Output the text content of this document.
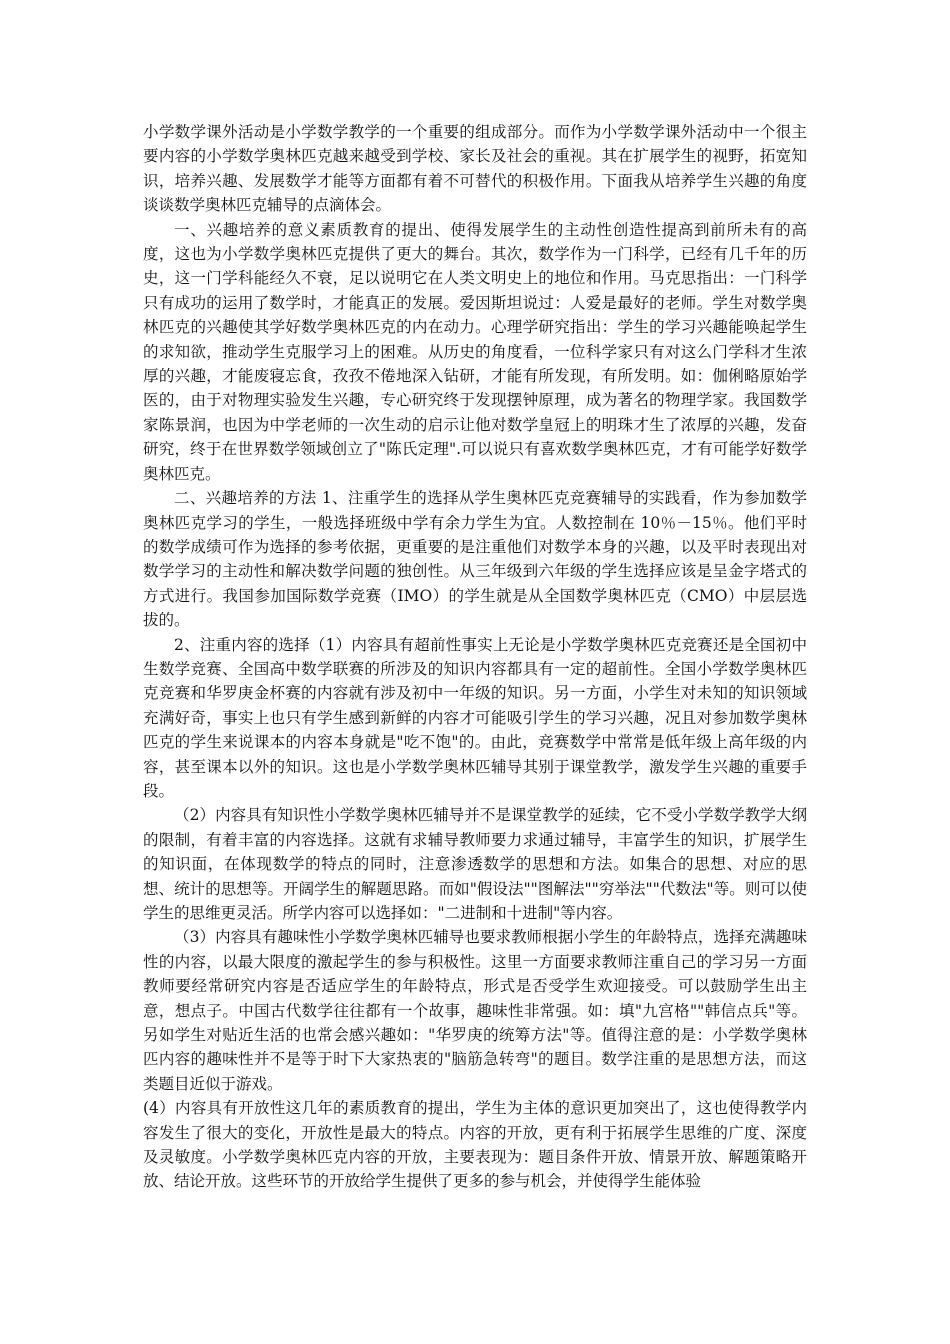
小学数学课外活动是小学数学教学的一个重要的组成部分。而作为小学数学课外活动中一个很主要内容的小学数学奥林匹克越来越受到学校、家长及社会的重视。其在扩展学生的视野，拓宽知识，培养兴趣、发展数学才能等方面都有着不可替代的积极作用。下面我从培养学生兴趣的角度谈谈数学奥林匹克辅导的点滴体会。

一、兴趣培养的意义素质教育的提出、使得发展学生的主动性创造性提高到前所未有的高度，这也为小学数学奥林匹克提供了更大的舞台。其次，数学作为一门科学，已经有几千年的历史，这一门学科能经久不衰，足以说明它在人类文明史上的地位和作用。马克思指出：一门科学只有成功的运用了数学时，才能真正的发展。爱因斯坦说过：人爱是最好的老师。学生对数学奥林匹克的兴趣使其学好数学奥林匹克的内在动力。心理学研究指出：学生的学习兴趣能唤起学生的求知欲，推动学生克服学习上的困难。从历史的角度看，一位科学家只有对这么门学科才生浓厚的兴趣，才能废寝忘食，孜孜不倦地深入钻研，才能有所发现，有所发明。如：伽俐略原始学医的，由于对物理实验发生兴趣，专心研究终于发现摆钟原理，成为著名的物理学家。我国数学家陈景润，也因为中学老师的一次生动的启示让他对数学皇冠上的明珠才生了浓厚的兴趣，发奋研究，终于在世界数学领域创立了"陈氏定理".可以说只有喜欢数学奥林匹克，才有可能学好数学奥林匹克。

二、兴趣培养的方法 1、注重学生的选择从学生奥林匹克竞赛辅导的实践看，作为参加数学奥林匹克学习的学生，一般选择班级中学有余力学生为宜。人数控制在 10％－15％。他们平时的数学成绩可作为选择的参考依据，更重要的是注重他们对数学本身的兴趣，以及平时表现出对数学学习的主动性和解决数学问题的独创性。从三年级到六年级的学生选择应该是呈金字塔式的方式进行。我国参加国际数学竞赛（IMO）的学生就是从全国数学奥林匹克（CMO）中层层选拔的。

2、注重内容的选择（1）内容具有超前性事实上无论是小学数学奥林匹克竞赛还是全国初中生数学竞赛、全国高中数学联赛的所涉及的知识内容都具有一定的超前性。全国小学数学奥林匹克竞赛和华罗庚金杯赛的内容就有涉及初中一年级的知识。另一方面，小学生对未知的知识领域充满好奇，事实上也只有学生感到新鲜的内容才可能吸引学生的学习兴趣，况且对参加数学奥林匹克的学生来说课本的内容本身就是"吃不饱"的。由此，竞赛数学中常常是低年级上高年级的内容，甚至课本以外的知识。这也是小学数学奥林匹辅导其别于课堂教学，激发学生兴趣的重要手段。

（2）内容具有知识性小学数学奥林匹辅导并不是课堂教学的延续，它不受小学数学教学大纲的限制，有着丰富的内容选择。这就有求辅导教师要力求通过辅导，丰富学生的知识，扩展学生的知识面，在体现数学的特点的同时，注意渗透数学的思想和方法。如集合的思想、对应的思想、统计的思想等。开阔学生的解题思路。而如"假设法""图解法""穷举法""代数法"等。则可以使学生的思维更灵活。所学内容可以选择如："二进制和十进制"等内容。

（3）内容具有趣味性小学数学奥林匹辅导也要求教师根据小学生的年龄特点，选择充满趣味性的内容，以最大限度的激起学生的参与积极性。这里一方面要求教师注重自己的学习另一方面教师要经常研究内容是否适应学生的年龄特点，形式是否受学生欢迎接受。可以鼓励学生出主意，想点子。中国古代数学往往都有一个故事，趣味性非常强。如：填"九宫格""韩信点兵"等。另如学生对贴近生活的也常会感兴趣如："华罗庚的统筹方法"等。值得注意的是：小学数学奥林匹内容的趣味性并不是等于时下大家热衷的"脑筋急转弯"的题目。数学注重的是思想方法，而这类题目近似于游戏。

(4）内容具有开放性这几年的素质教育的提出，学生为主体的意识更加突出了，这也使得教学内容发生了很大的变化，开放性是最大的特点。内容的开放，更有利于拓展学生思维的广度、深度及灵敏度。小学数学奥林匹克内容的开放，主要表现为：题目条件开放、情景开放、解题策略开放、结论开放。这些环节的开放给学生提供了更多的参与机会，并使得学生能体验
